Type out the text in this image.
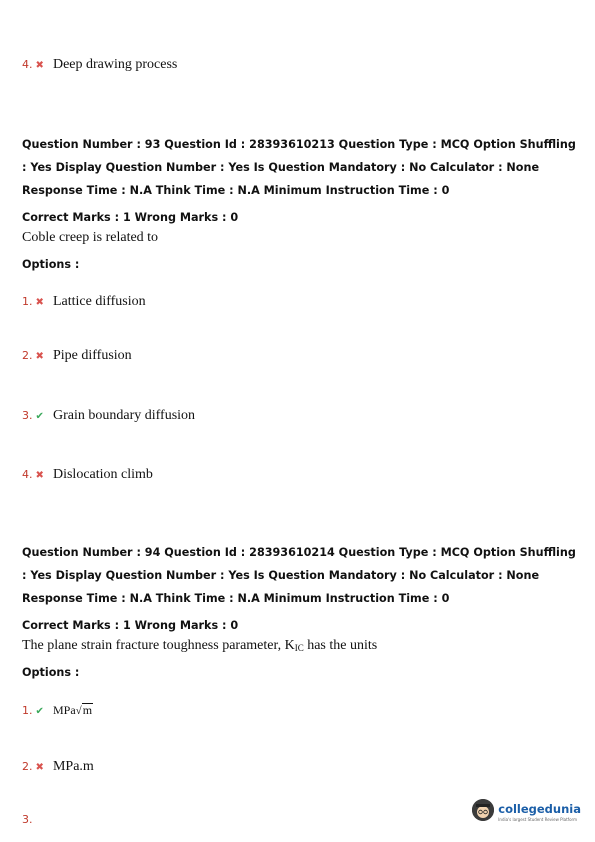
4. ✖ Deep drawing process
Question Number : 93 Question Id : 28393610213 Question Type : MCQ Option Shuffling : Yes Display Question Number : Yes Is Question Mandatory : No Calculator : None Response Time : N.A Think Time : N.A Minimum Instruction Time : 0
Correct Marks : 1 Wrong Marks : 0
Coble creep is related to
Options :
1. ✖ Lattice diffusion
2. ✖ Pipe diffusion
3. ✔ Grain boundary diffusion
4. ✖ Dislocation climb
Question Number : 94 Question Id : 28393610214 Question Type : MCQ Option Shuffling : Yes Display Question Number : Yes Is Question Mandatory : No Calculator : None Response Time : N.A Think Time : N.A Minimum Instruction Time : 0
Correct Marks : 1 Wrong Marks : 0
The plane strain fracture toughness parameter, $K_{IC}$ has the units
Options :
1. ✔ MPa√m
2. ✖ MPa.m
3.
collegedunia
India's largest Student Review Platform
